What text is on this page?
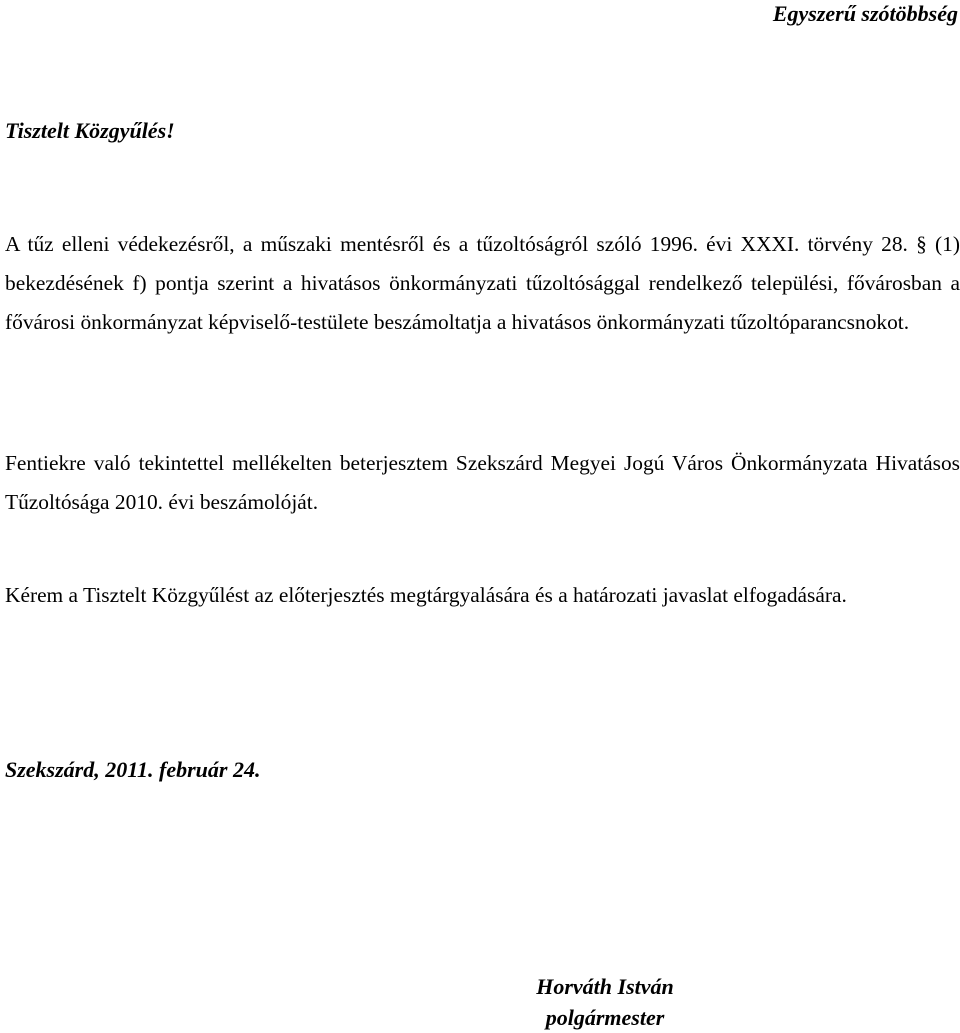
Egyszerű szótöbbség

Tisztelt Közgyűlés!

A tűz elleni védekezésről, a műszaki mentésről és a tűzoltóságról szóló 1996. évi XXXI. törvény 28. § (1) bekezdésének f) pontja szerint a hivatásos önkormányzati tűzoltósággal rendelkező települési, fővárosban a fővárosi önkormányzat képviselő-testülete beszámoltatja a hivatásos önkormányzati tűzoltóparancsnokot.

Fentiekre való tekintettel mellékelten beterjesztem Szekszárd Megyei Jogú Város Önkormányzata Hivatásos Tűzoltósága 2010. évi beszámolóját.

Kérem a Tisztelt Közgyűlést az előterjesztés megtárgyalására és a határozati javaslat elfogadására.

Szekszárd, 2011. február 24.

Horváth István
polgármester
